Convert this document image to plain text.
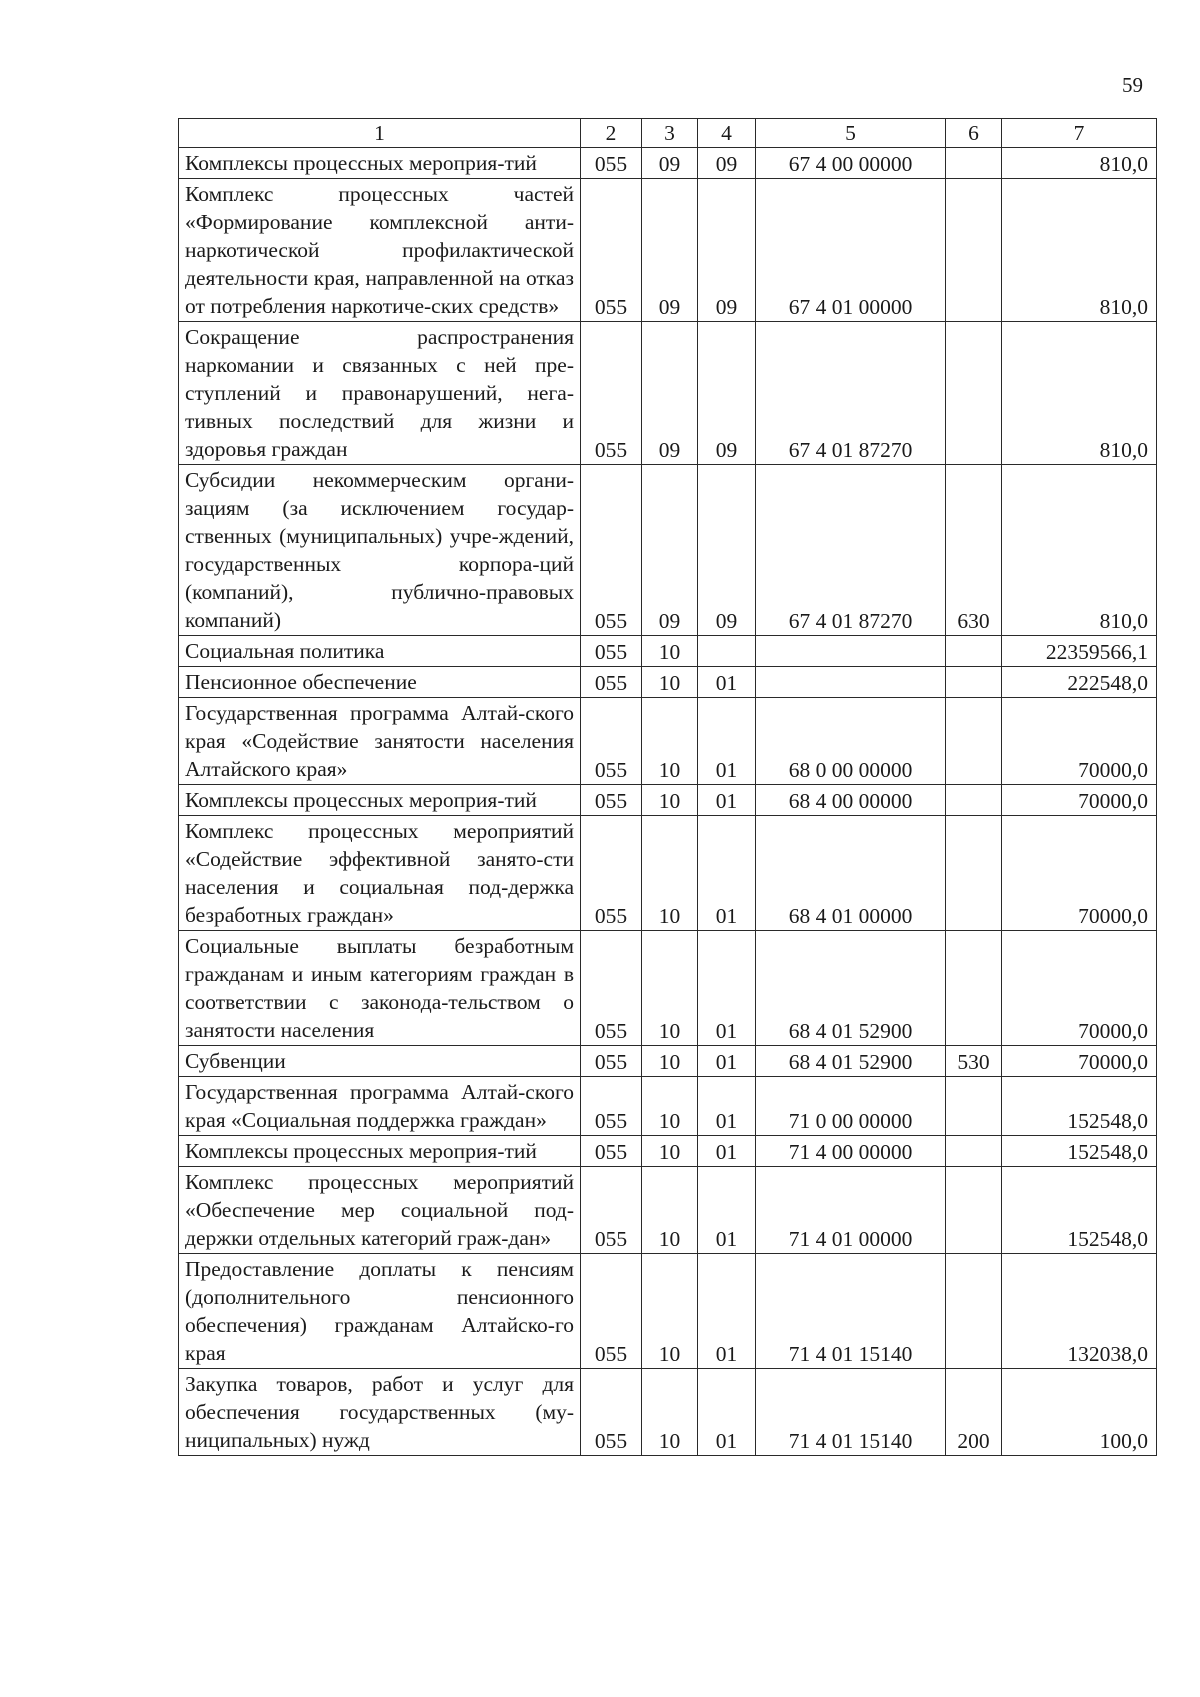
59
1	2	3	4	5	6	7
Комплексы процессных мероприя-тий	055	09	09	67 4 00 00000		810,0
Комплекс процессных частей «Формирование комплексной анти-наркотической профилактической деятельности края, направленной на отказ от потребления наркотиче-ских средств»	055	09	09	67 4 01 00000		810,0
Сокращение распространения наркомании и связанных с ней пре-ступлений и правонарушений, нега-тивных последствий для жизни и здоровья граждан	055	09	09	67 4 01 87270		810,0
Субсидии некоммерческим органи-зациям (за исключением государ-ственных (муниципальных) учре-ждений, государственных корпора-ций (компаний), публично-правовых компаний)	055	09	09	67 4 01 87270	630	810,0
Социальная политика	055	10				22359566,1
Пенсионное обеспечение	055	10	01			222548,0
Государственная программа Алтай-ского края «Содействие занятости населения Алтайского края»	055	10	01	68 0 00 00000		70000,0
Комплексы процессных мероприя-тий	055	10	01	68 4 00 00000		70000,0
Комплекс процессных мероприятий «Содействие эффективной занято-сти населения и социальная под-держка безработных граждан»	055	10	01	68 4 01 00000		70000,0
Социальные выплаты безработным гражданам и иным категориям граждан в соответствии с законода-тельством о занятости населения	055	10	01	68 4 01 52900		70000,0
Субвенции	055	10	01	68 4 01 52900	530	70000,0
Государственная программа Алтай-ского края «Социальная поддержка граждан»	055	10	01	71 0 00 00000		152548,0
Комплексы процессных мероприя-тий	055	10	01	71 4 00 00000		152548,0
Комплекс процессных мероприятий «Обеспечение мер социальной под-держки отдельных категорий граж-дан»	055	10	01	71 4 01 00000		152548,0
Предоставление доплаты к пенсиям (дополнительного пенсионного обеспечения) гражданам Алтайско-го края	055	10	01	71 4 01 15140		132038,0
Закупка товаров, работ и услуг для обеспечения государственных (му-ниципальных) нужд	055	10	01	71 4 01 15140	200	100,0
